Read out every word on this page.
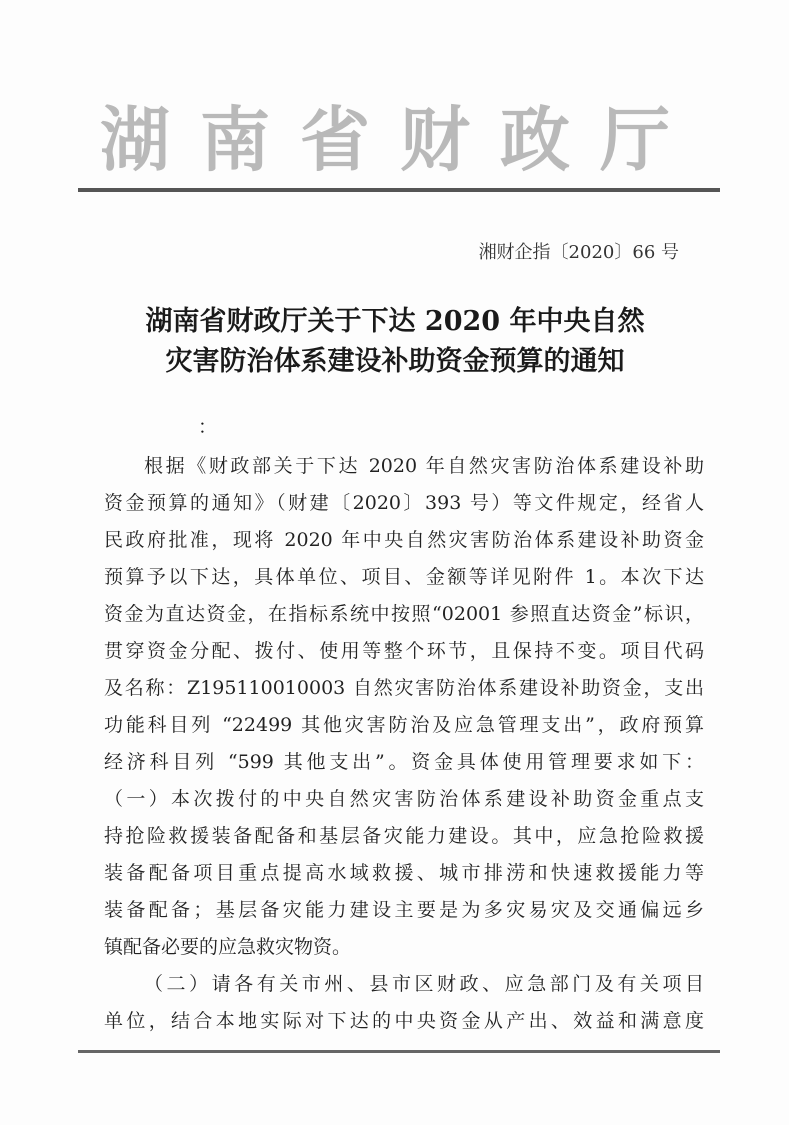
湖南省财政厅
湘财企指〔2020〕66 号
湖南省财政厅关于下达 2020 年中央自然
灾害防治体系建设补助资金预算的通知
：
根据《财政部关于下达 2020 年自然灾害防治体系建设补助
资金预算的通知》（财建〔2020〕393 号）等文件规定，经省人
民政府批准，现将 2020 年中央自然灾害防治体系建设补助资金
预算予以下达，具体单位、项目、金额等详见附件 1。本次下达
资金为直达资金，在指标系统中按照“02001 参照直达资金”标识，
贯穿资金分配、拨付、使用等整个环节，且保持不变。项目代码
及名称：Z195110010003 自然灾害防治体系建设补助资金，支出
功能科目列 “22499 其他灾害防治及应急管理支出”，政府预算
经济科目列 “599 其他支出”。资金具体使用管理要求如下：
（一）本次拨付的中央自然灾害防治体系建设补助资金重点支
持抢险救援装备配备和基层备灾能力建设。其中，应急抢险救援
装备配备项目重点提高水域救援、城市排涝和快速救援能力等
装备配备；基层备灾能力建设主要是为多灾易灾及交通偏远乡
镇配备必要的应急救灾物资。
（二）请各有关市州、县市区财政、应急部门及有关项目
单位，结合本地实际对下达的中央资金从产出、效益和满意度
